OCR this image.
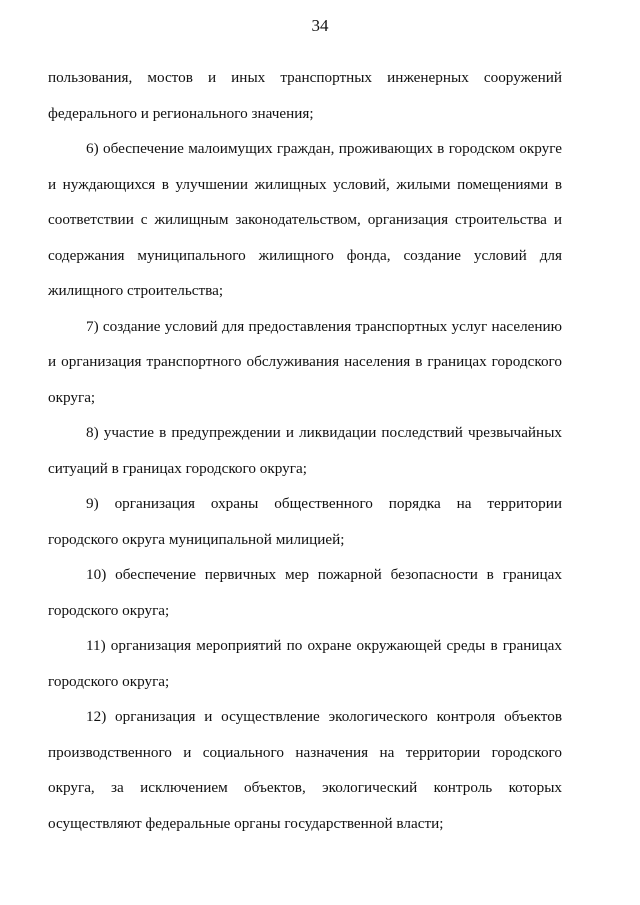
34

пользования, мостов и иных транспортных инженерных сооружений федерального и регионального значения;

6) обеспечение малоимущих граждан, проживающих в городском округе и нуждающихся в улучшении жилищных условий, жилыми помещениями в соответствии с жилищным законодательством, организация строительства и содержания муниципального жилищного фонда, создание условий для жилищного строительства;

7) создание условий для предоставления транспортных услуг населению и организация транспортного обслуживания населения в границах городского округа;

8) участие в предупреждении и ликвидации последствий чрезвычайных ситуаций в границах городского округа;

9) организация охраны общественного порядка на территории городского округа муниципальной милицией;

10) обеспечение первичных мер пожарной безопасности в границах городского округа;

11) организация мероприятий по охране окружающей среды в границах городского округа;

12) организация и осуществление экологического контроля объектов производственного и социального назначения на территории городского округа, за исключением объектов, экологический контроль которых осуществляют федеральные органы государственной власти;
